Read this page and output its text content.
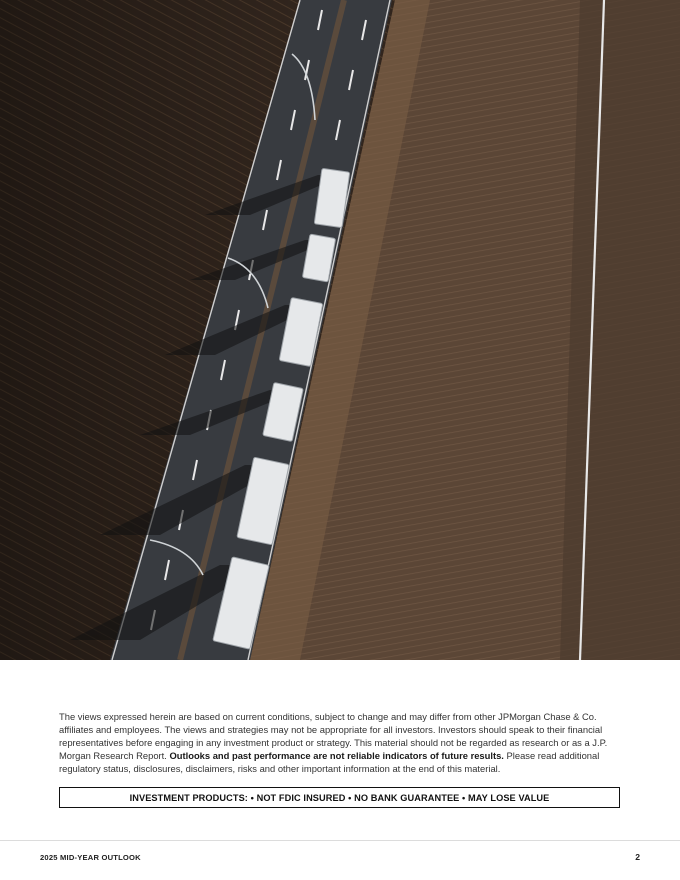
The views expressed herein are based on current conditions, subject to change and may differ from other JPMorgan Chase & Co. affiliates and employees. The views and strategies may not be appropriate for all investors. Investors should speak to their financial representatives before engaging in any investment product or strategy. This material should not be regarded as research or as a J.P. Morgan Research Report. Outlooks and past performance are not reliable indicators of future results. Please read additional regulatory status, disclosures, disclaimers, risks and other important information at the end of this material.

INVESTMENT PRODUCTS: • NOT FDIC INSURED • NO BANK GUARANTEE • MAY LOSE VALUE
2025 MID-YEAR OUTLOOK	2
